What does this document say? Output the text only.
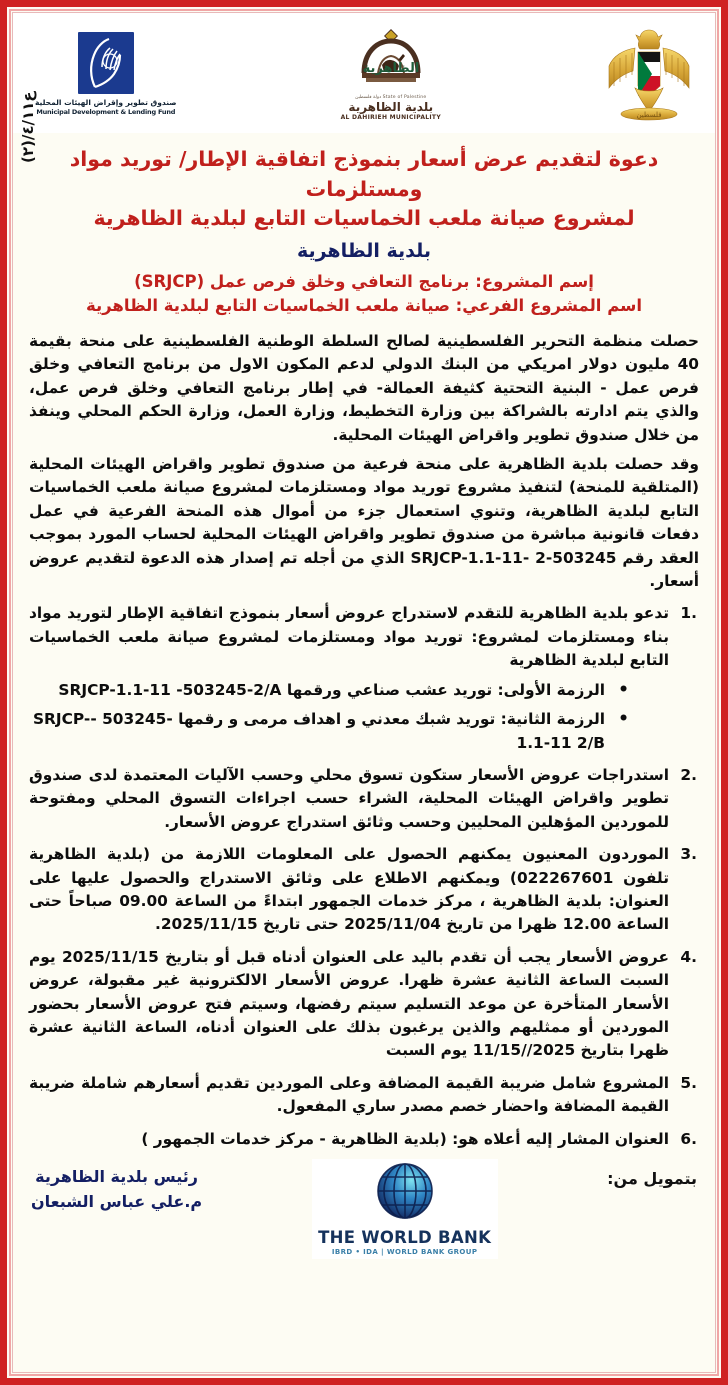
صندوق تطوير وإقراض الهيئات المحلية
Municipal Development & Lending Fund
الظاهرية
دولة فلسطين State of Palestine
بلدية الظاهرية
AL DAHIRIEH MUNICIPALITY	فلسطين
ع٤/١١/(٢)
دعوة لتقديم عرض أسعار بنموذج اتفاقية الإطار/ توريد مواد ومستلزمات
لمشروع صيانة ملعب الخماسيات التابع لبلدية الظاهرية
بلدية الظاهرية
إسم المشروع: برنامج التعافي وخلق فرص عمل (SRJCP)
اسم المشروع الفرعي: صيانة ملعب الخماسيات التابع لبلدية الظاهرية

حصلت منظمة التحرير الفلسطينية لصالح السلطة الوطنية الفلسطينية على منحة بقيمة 40 مليون دولار امريكي من البنك الدولي لدعم المكون الاول من برنامج التعافي وخلق فرص عمل - البنية التحتية كثيفة العمالة- في إطار برنامج التعافي وخلق فرص عمل، والذي يتم ادارته بالشراكة بين وزارة التخطيط، وزارة العمل، وزارة الحكم المحلي وينفذ من خلال صندوق تطوير واقراض الهيئات المحلية.

وقد حصلت بلدية الظاهرية على منحة فرعية من صندوق تطوير واقراض الهيئات المحلية (المتلقية للمنحة) لتنفيذ مشروع توريد مواد ومستلزمات لمشروع صيانة ملعب الخماسيات التابع لبلدية الظاهرية، وتنوي استعمال جزء من أموال هذه المنحة الفرعية في عمل دفعات قانونية مباشرة من صندوق تطوير واقراض الهيئات المحلية لحساب المورد بموجب العقد رقم 503245-2 -SRJCP-1.1-11 الذي من أجله تم إصدار هذه الدعوة لتقديم عروض أسعار.

تدعو بلدية الظاهرية للتقدم لاستدراج عروض أسعار بنموذج اتفاقية الإطار لتوريد مواد بناء ومستلزمات لمشروع: توريد مواد ومستلزمات لمشروع صيانة ملعب الخماسيات التابع لبلدية الظاهرية
• الرزمة الأولى: توريد عشب صناعي ورقمها SRJCP-1.1-11 -503245-2/A
• الرزمة الثانية: توريد شبك معدني و اهداف مرمى و رقمها -503245 -SRJCP-1.1-11 2/B
استدراجات عروض الأسعار ستكون تسوق محلي وحسب الآليات المعتمدة لدى صندوق تطوير واقراض الهيئات المحلية، الشراء حسب اجراءات التسوق المحلي ومفتوحة للموردين المؤهلين المحليين وحسب وثائق استدراج عروض الأسعار.
الموردون المعنيون يمكنهم الحصول على المعلومات اللازمة من (بلدية الظاهرية تلفون 022267601) ويمكنهم الاطلاع على وثائق الاستدراج والحصول عليها على العنوان: بلدية الظاهرية ، مركز خدمات الجمهور ابتداءً من الساعة 09.00 صباحاً حتى الساعة 12.00 ظهرا من تاريخ 2025/11/04 حتى تاريخ 2025/11/15.
عروض الأسعار يجب أن تقدم باليد على العنوان أدناه قبل أو بتاريخ 2025/11/15 يوم السبت الساعة الثانية عشرة ظهرا. عروض الأسعار الالكترونية غير مقبولة، عروض الأسعار المتأخرة عن موعد التسليم سيتم رفضها، وسيتم فتح عروض الأسعار بحضور الموردين أو ممثليهم والذين يرغبون بذلك على العنوان أدناه، الساعة الثانية عشرة ظهرا بتاريخ 2025//11/15 يوم السبت
المشروع شامل ضريبة القيمة المضافة وعلى الموردين تقديم أسعارهم شاملة ضريبة القيمة المضافة واحضار خصم مصدر ساري المفعول.
العنوان المشار إليه أعلاه هو: (بلدية الظاهرية - مركز خدمات الجمهور )
بتمويل من:
THE WORLD BANK
IBRD • IDA | WORLD BANK GROUP
رئيس بلدية الظاهرية
م.علي عباس الشبعان
